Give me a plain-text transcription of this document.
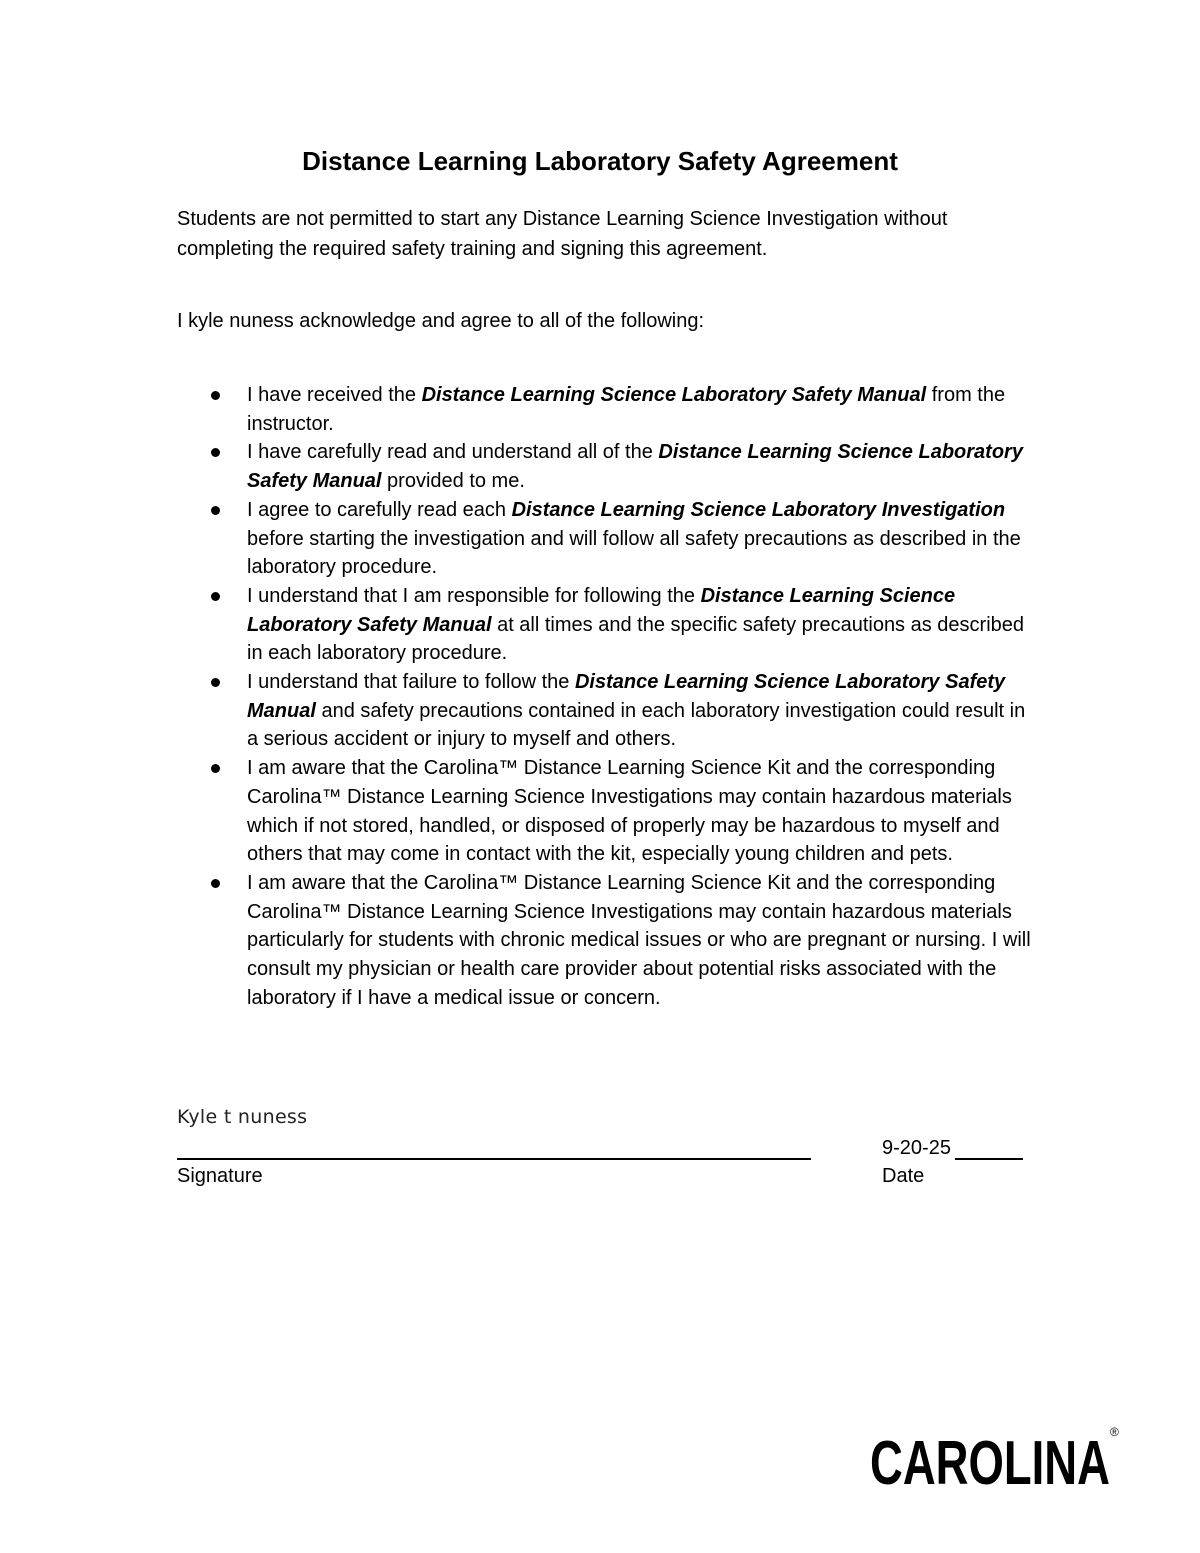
Distance Learning Laboratory Safety Agreement

Students are not permitted to start any Distance Learning Science Investigation without
completing the required safety training and signing this agreement.

I kyle nuness acknowledge and agree to all of the following:

I have received the Distance Learning Science Laboratory Safety Manual from the instructor.
I have carefully read and understand all of the Distance Learning Science Laboratory Safety Manual provided to me.
I agree to carefully read each Distance Learning Science Laboratory Investigation before starting the investigation and will follow all safety precautions as described in the laboratory procedure.
I understand that I am responsible for following the Distance Learning Science Laboratory Safety Manual at all times and the specific safety precautions as described in each laboratory procedure.
I understand that failure to follow the Distance Learning Science Laboratory Safety Manual and safety precautions contained in each laboratory investigation could result in a serious accident or injury to myself and others.
I am aware that the Carolina™ Distance Learning Science Kit and the corresponding Carolina™ Distance Learning Science Investigations may contain hazardous materials which if not stored, handled, or disposed of properly may be hazardous to myself and others that may come in contact with the kit, especially young children and pets.
I am aware that the Carolina™ Distance Learning Science Kit and the corresponding Carolina™ Distance Learning Science Investigations may contain hazardous materials particularly for students with chronic medical issues or who are pregnant or nursing. I will consult my physician or health care provider about potential risks associated with the laboratory if I have a medical issue or concern.
Kyle t nuness
Signature
9-20-25
Date
CAROLINA ®
